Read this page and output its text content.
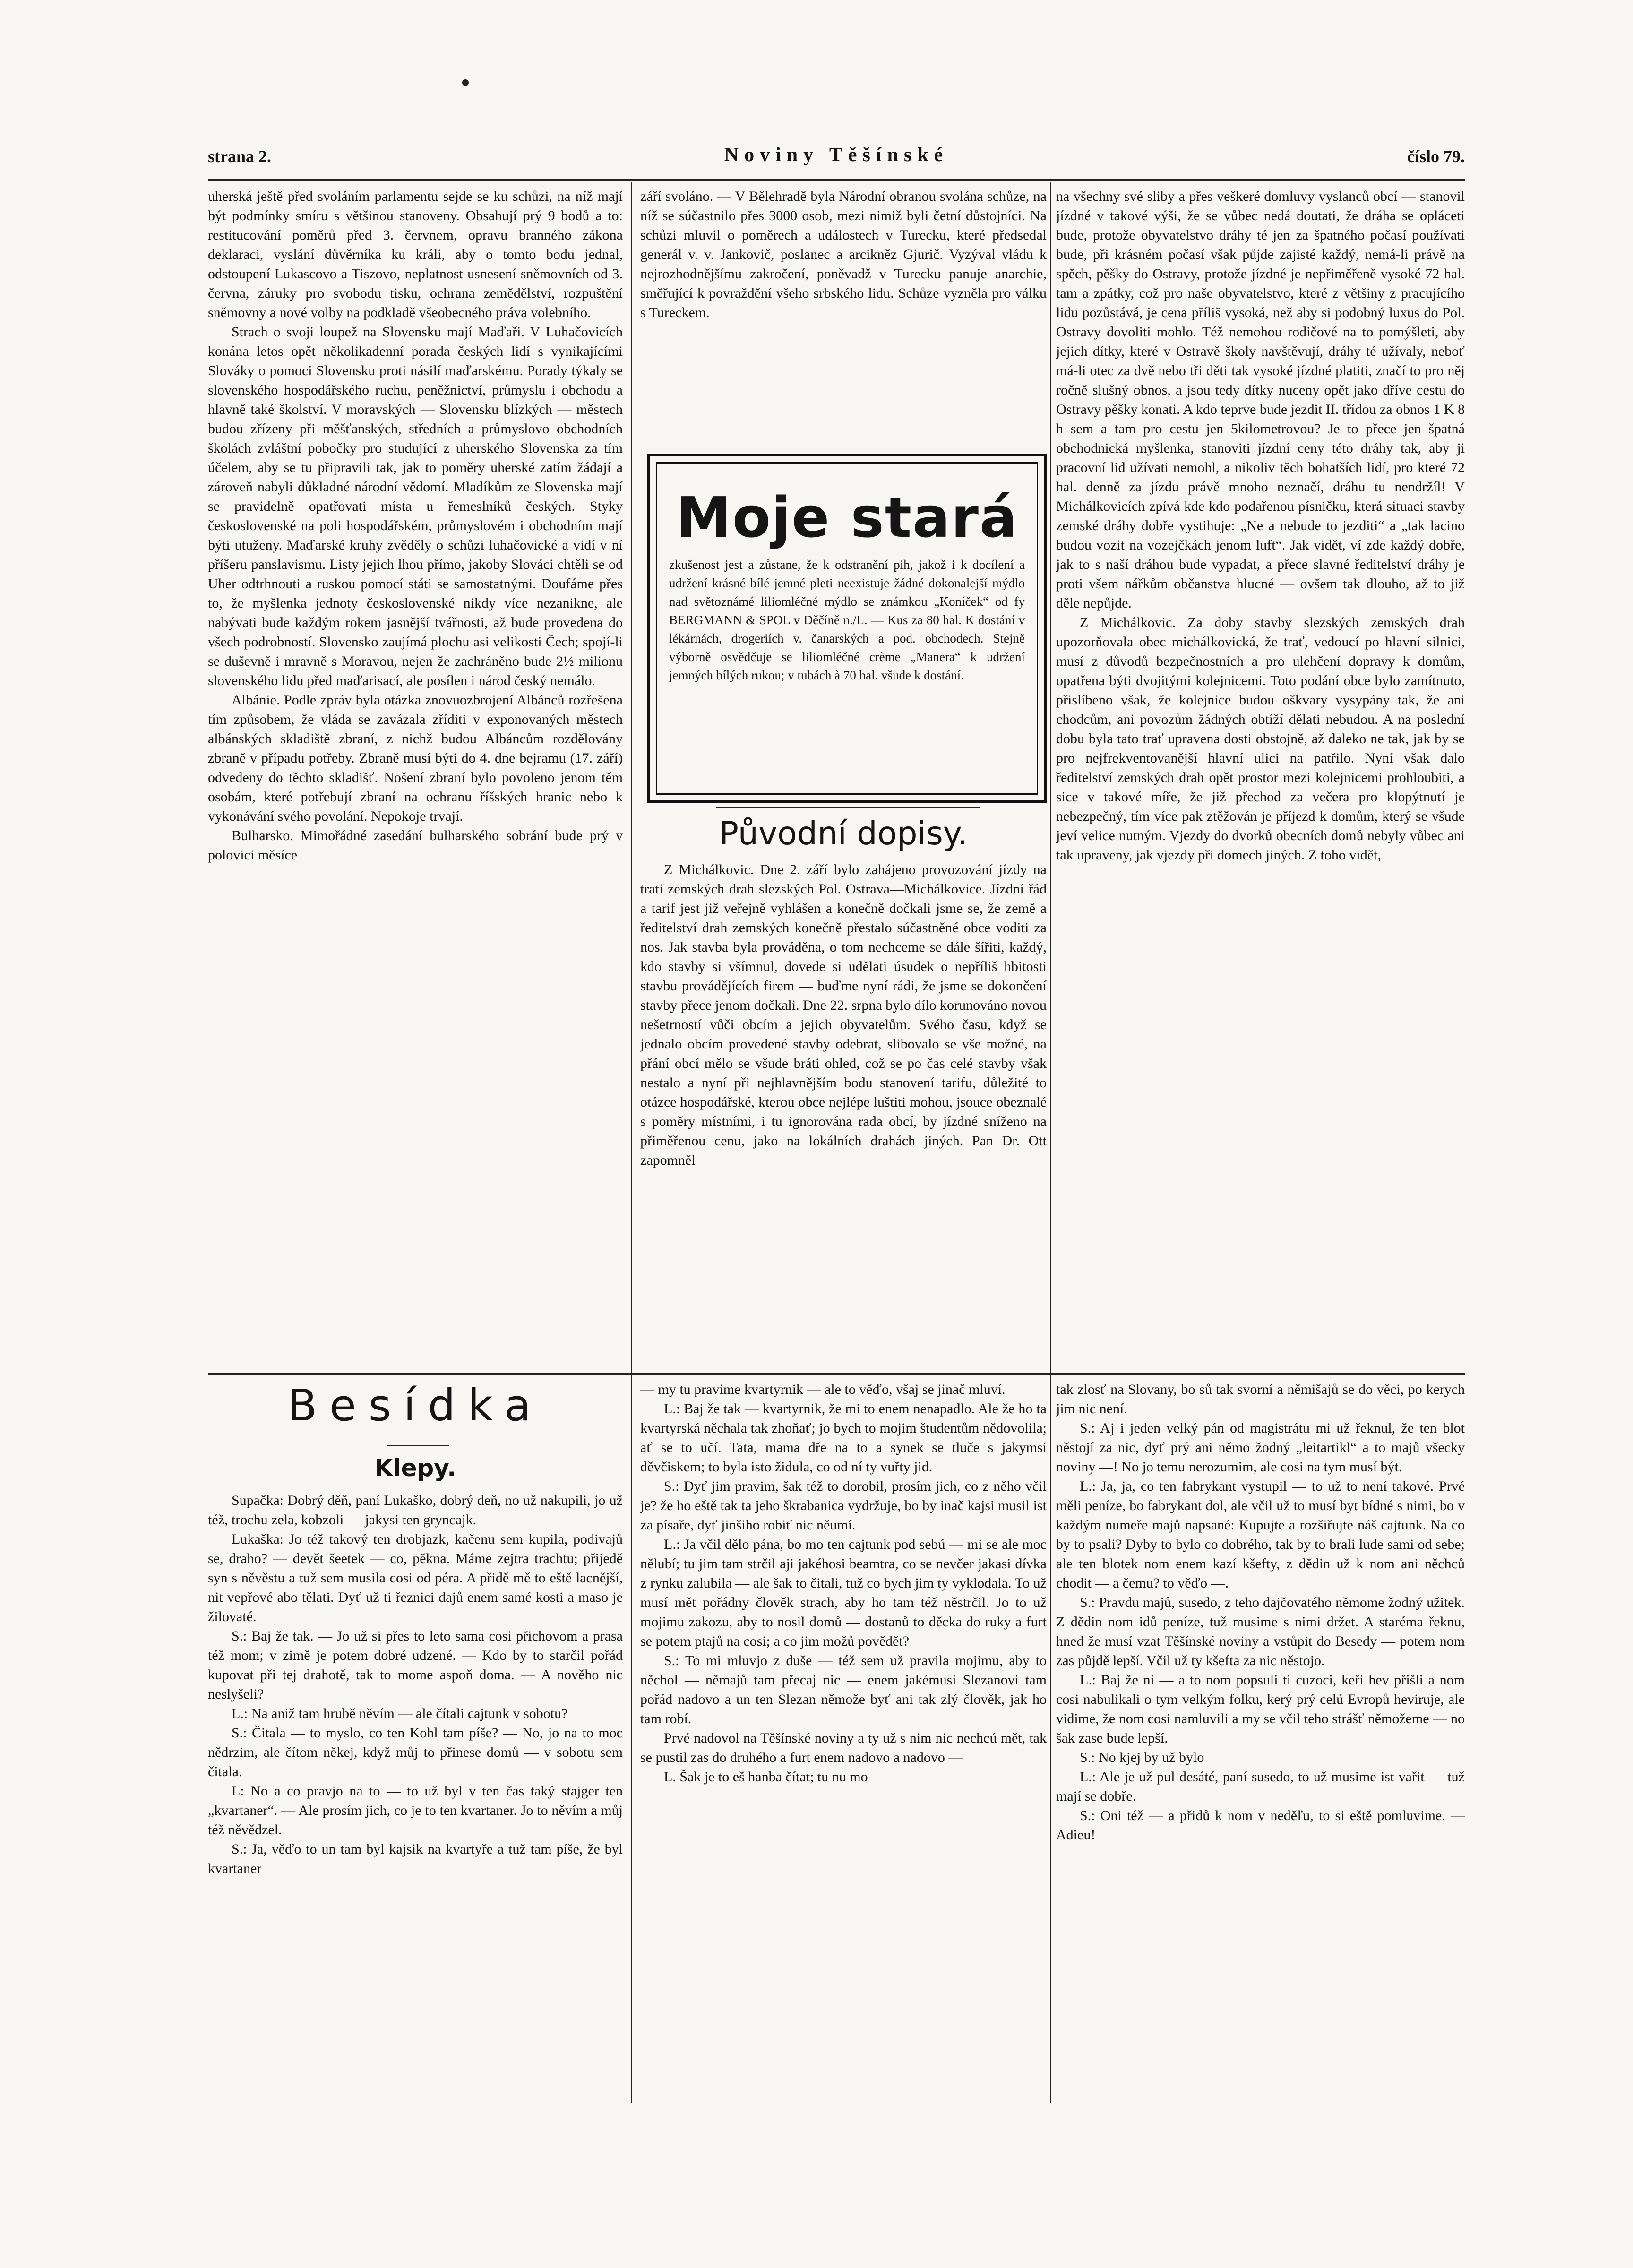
strana 2.	Noviny Těšínské	číslo 79.

uherská ještě před svoláním parlamentu sejde se ku schůzi, na níž mají být podmínky smíru s většinou stanoveny. Obsahují prý 9 bodů a to: restitucování poměrů před 3. červnem, opravu branného zákona deklaraci, vyslání důvěrníka ku králi, aby o tomto bodu jednal, odstoupení Lukascovo a Tiszovo, neplatnost usnesení sněmovních od 3. června, záruky pro svobodu tisku, ochrana zemědělství, rozpuštění sněmovny a nové volby na podkladě všeobecného práva volebního.

Strach o svoji loupež na Slovensku mají Maďaři. V Luhačovicích konána letos opět několikadenní porada českých lidí s vynikajícími Slováky o pomoci Slovensku proti násilí maďarskému. Porady týkaly se slovenského hospodářského ruchu, peněžnictví, průmyslu i obchodu a hlavně také školství. V moravských — Slovensku blízkých — městech budou zřízeny při měšťanských, středních a průmyslovo obchodních školách zvláštní pobočky pro studující z uherského Slovenska za tím účelem, aby se tu připravili tak, jak to poměry uherské zatím žádají a zároveň nabyli důkladné národní vědomí. Mladíkům ze Slovenska mají se pravidelně opatřovati místa u řemeslníků českých. Styky československé na poli hospodářském, průmyslovém i obchodním mají býti utuženy. Maďarské kruhy zvěděly o schůzi luhačovické a vidí v ní příšeru panslavismu. Listy jejich lhou přímo, jakoby Slováci chtěli se od Uher odtrhnouti a ruskou pomocí státi se samostatnými. Doufáme přes to, že myšlenka jednoty československé nikdy více nezanikne, ale nabývati bude každým rokem jasnější tvářnosti, až bude provedena do všech podrobností. Slovensko zaujímá plochu asi velikosti Čech; spojí-li se duševně i mravně s Moravou, nejen že zachráněno bude 2½ milionu slovenského lidu před maďarisací, ale posílen i národ český nemálo.

Albánie. Podle zpráv byla otázka znovuozbrojení Albánců rozřešena tím způsobem, že vláda se zavázala zříditi v exponovaných městech albánských skladiště zbraní, z nichž budou Albáncům rozdělovány zbraně v případu potřeby. Zbraně musí býti do 4. dne bejramu (17. září) odvedeny do těchto skladišť. Nošení zbraní bylo povoleno jenom těm osobám, které potřebují zbraní na ochranu říšských hranic nebo k vykonávání svého povolání. Nepokoje trvají.

Bulharsko. Mimořádné zasedání bulharského sobrání bude prý v polovici měsíce

září svoláno. — V Bělehradě byla Národní obranou svolána schůze, na níž se súčastnilo přes 3000 osob, mezi nimiž byli četní důstojníci. Na schůzi mluvil o poměrech a událostech v Turecku, které předsedal generál v. v. Jankovič, poslanec a arcikněz Gjurič. Vyzýval vládu k nejrozhodnějšímu zakročení, poněvadž v Turecku panuje anarchie, směřující k povraždění všeho srbského lidu. Schůze vyzněla pro válku s Tureckem.

Moje stará
zkušenost jest a zůstane, že k odstranění pih, jakož i k docílení a udržení krásné bílé jemné pleti neexistuje žádné dokonalejší mýdlo nad světoznámé liliomléčné mýdlo se známkou „Koníček“ od fy BERGMANN & SPOL v Děčíně n./L. — Kus za 80 hal. K dostání v lékárnách, drogeriích v. čanarských a pod. obchodech. Stejně výborně osvědčuje se liliomléčné crème „Manera“ k udržení jemných bílých rukou; v tubách à 70 hal. všude k dostání.
Původní dopisy.

Z Michálkovic. Dne 2. září bylo zahájeno provozování jízdy na trati zemských drah slezských Pol. Ostrava—Michálkovice. Jízdní řád a tarif jest již veřejně vyhlášen a konečně dočkali jsme se, že země a ředitelství drah zemských konečně přestalo súčastněné obce voditi za nos. Jak stavba byla prováděna, o tom nechceme se dále šířiti, každý, kdo stavby si všímnul, dovede si udělati úsudek o nepříliš hbitosti stavbu provádějících firem — buďme nyní rádi, že jsme se dokončení stavby přece jenom dočkali. Dne 22. srpna bylo dílo korunováno novou nešetrností vůči obcím a jejich obyvatelům. Svého času, když se jednalo obcím provedené stavby odebrat, slibovalo se vše možné, na přání obcí mělo se všude bráti ohled, což se po čas celé stavby však nestalo a nyní při nejhlavnějším bodu stanovení tarifu, důležité to otázce hospodářské, kterou obce nejlépe luštiti mohou, jsouce obeznalé s poměry místními, i tu ignorována rada obcí, by jízdné sníženo na přiměřenou cenu, jako na lokálních drahách jiných. Pan Dr. Ott zapomněl

na všechny své sliby a přes veškeré domluvy vyslanců obcí — stanovil jízdné v takové výši, že se vůbec nedá doutati, že dráha se opláceti bude, protože obyvatelstvo dráhy té jen za špatného počasí používati bude, při krásném počasí však půjde zajisté každý, nemá-li právě na spěch, pěšky do Ostravy, protože jízdné je nepřiměřeně vysoké 72 hal. tam a zpátky, což pro naše obyvatelstvo, které z většiny z pracujícího lidu pozůstává, je cena příliš vysoká, než aby si podobný luxus do Pol. Ostravy dovoliti mohlo. Též nemohou rodičové na to pomýšleti, aby jejich dítky, které v Ostravě školy navštěvují, dráhy té užívaly, neboť má-li otec za dvě nebo tři děti tak vysoké jízdné platiti, značí to pro něj ročně slušný obnos, a jsou tedy dítky nuceny opět jako dříve cestu do Ostravy pěšky konati. A kdo teprve bude jezdit II. třídou za obnos 1 K 8 h sem a tam pro cestu jen 5kilometrovou? Je to přece jen špatná obchodnická myšlenka, stanoviti jízdní ceny této dráhy tak, aby ji pracovní lid užívati nemohl, a nikoliv těch bohatších lidí, pro které 72 hal. denně za jízdu právě mnoho neznačí, dráhu tu nendržíl! V Michálkovicích zpívá kde kdo podařenou písničku, která situaci stavby zemské dráhy dobře vystihuje: „Ne a nebude to jezditi“ a „tak lacino budou vozit na vozejčkách jenom luft“. Jak vidět, ví zde každý dobře, jak to s naší dráhou bude vypadat, a přece slavné ředitelství dráhy je proti všem nářkům občanstva hlucné — ovšem tak dlouho, až to již děle nepůjde.

Z Michálkovic. Za doby stavby slezských zemských drah upozorňovala obec michálkovická, že trať, vedoucí po hlavní silnici, musí z důvodů bezpečnostních a pro ulehčení dopravy k domům, opatřena býti dvojitými kolejnicemi. Toto podání obce bylo zamítnuto, přislíbeno však, že kolejnice budou oškvary vysypány tak, že ani chodcům, ani povozům žádných obtíží dělati nebudou. A na poslední dobu byla tato trať upravena dosti obstojně, až daleko ne tak, jak by se pro nejfrekventovanější hlavní ulici na patřilo. Nyní však dalo ředitelství zemských drah opět prostor mezi kolejnicemi prohloubiti, a sice v takové míře, že již přechod za večera pro klopýtnutí je nebezpečný, tím více pak ztěžován je příjezd k domům, který se všude jeví velice nutným. Vjezdy do dvorků obecních domů nebyly vůbec ani tak upraveny, jak vjezdy při domech jiných. Z toho vidět,

Besídka
Klepy.

Supačka: Dobrý děň, paní Lukaško, dobrý deň, no už nakupili, jo už též, trochu zela, kobzoli — jakysi ten gryncajk.

Lukaška: Jo též takový ten drobjazk, kačenu sem kupila, podivajů se, draho? — devět šeetek — co, pěkna. Máme zejtra trachtu; přijedě syn s něvěstu a tuž sem musila cosi od péra. A přidě mě to eště lacnější, nit vepřové abo tělati. Dyť už ti řeznici dajů enem samé kosti a maso je žilovaté.

S.: Baj že tak. — Jo už si přes to leto sama cosi přichovom a prasa též mom; v zimě je potem dobré udzené. — Kdo by to starčil pořád kupovat při tej drahotě, tak to mome aspoň doma. — A nověho nic neslyšeli?

L.: Na aniž tam hrubě něvím — ale čítali cajtunk v sobotu?

S.: Čitala — to myslo, co ten Kohl tam píše? — No, jo na to moc nědrzim, ale čítom někej, když můj to přinese domů — v sobotu sem čitala.

L: No a co pravjo na to — to už byl v ten čas taký stajger ten „kvartaner“. — Ale prosím jich, co je to ten kvartaner. Jo to něvím a můj též něvědzel.

S.: Ja, věďo to un tam byl kajsik na kvartyře a tuž tam píše, že byl kvartaner

— my tu pravime kvartyrnik — ale to věďo, všaj se jinač mluví.

L.: Baj že tak — kvartyrnik, že mi to enem nenapadlo. Ale že ho ta kvartyrská něchala tak zhoňať; jo bych to mojim študentům nědovolila; ať se to učí. Tata, mama dře na to a synek se tluče s jakymsi děvčiskem; to byla isto židula, co od ní ty vuřty jid.

S.: Dyť jim pravim, šak též to dorobil, prosím jich, co z něho včil je? že ho eště tak ta jeho škrabanica vydržuje, bo by inač kajsi musil ist za písaře, dyť jinšiho robiť nic něumí.

L.: Ja včil dělo pána, bo mo ten cajtunk pod sebú — mi se ale moc nělubí; tu jim tam strčil aji jakéhosi beamtra, co se nevčer jakasi dívka z rynku zalubila — ale šak to čitali, tuž co bych jim ty vyklodala. To už musí mět pořádny člověk strach, aby ho tam též něstrčil. Jo to už mojimu zakozu, aby to nosil domů — dostanů to děcka do ruky a furt se potem ptajů na cosi; a co jim možů povědět?

S.: To mi mluvjo z duše — též sem už pravila mojimu, aby to něchol — němajů tam přecaj nic — enem jakémusi Slezanovi tam pořád nadovo a un ten Slezan němože byť ani tak zlý člověk, jak ho tam robí.

Prvé nadovol na Těšínské noviny a ty už s nim nic nechcú mět, tak se pustil zas do druhého a furt enem nadovo a nadovo —

L. Šak je to eš hanba čítat; tu nu mo

tak zlosť na Slovany, bo sů tak svorní a němišajů se do věci, po kerych jim nic není.

S.: Aj i jeden velký pán od magistrátu mi už řeknul, že ten blot něstojí za nic, dyť prý ani němo žodný „leitartikl“ a to majů všecky noviny —! No jo temu nerozumim, ale cosi na tym musí být.

L.: Ja, ja, co ten fabrykant vystupil — to už to není takové. Prvé měli peníze, bo fabrykant dol, ale včil už to musí byt bídné s nimi, bo v každým numeře majů napsané: Kupujte a rozšiřujte náš cajtunk. Na co by to psali? Dyby to bylo co dobrého, tak by to brali lude sami od sebe; ale ten blotek nom enem kazí kšefty, z dědin už k nom ani něchců chodit — a čemu? to věďo —.

S.: Pravdu majů, susedo, z teho dajčovatého němome žodný užitek. Z dědin nom idů peníze, tuž musime s nimi držet. A staréma řeknu, hned že musí vzat Těšínské noviny a vstůpit do Besedy — potem nom zas půjdě lepší. Včil už ty kšefta za nic něstojo.

L.: Baj že ni — a to nom popsuli ti cuzoci, keři hev přišli a nom cosi nabulikali o tym velkým folku, kerý prý celú Evropů heviruje, ale vidime, že nom cosi namluvili a my se včil teho strášť němožeme — no šak zase bude lepší.

S.: No kjej by už bylo

L.: Ale je už pul desáté, paní susedo, to už musime ist vařit — tuž mají se dobře.

S.: Oni též — a přidů k nom v neděľu, to si eště pomluvime. — Adieu!
